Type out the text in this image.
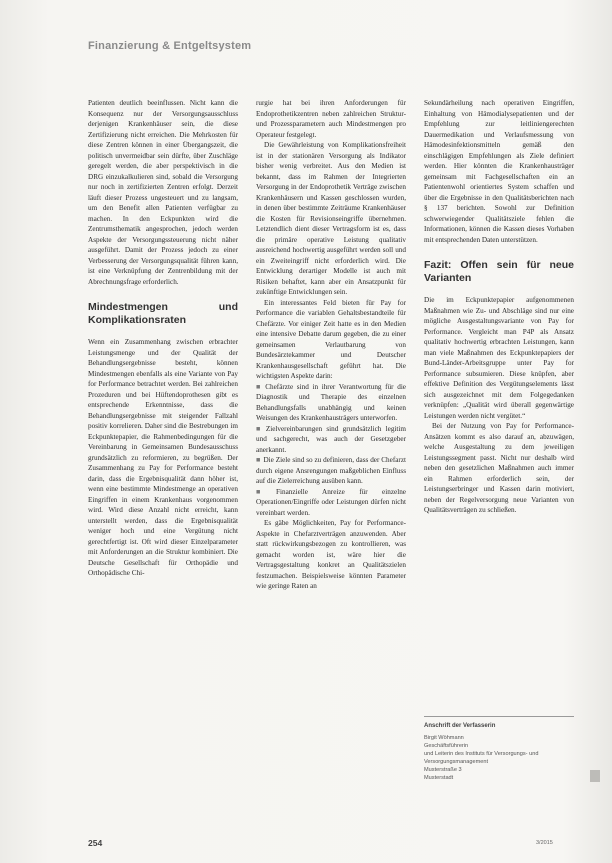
Finanzierung & Entgeltsystem

Patienten deutlich beeinflussen. Nicht kann die Konsequenz nur der Versorgungsausschluss derjenigen Krankenhäuser sein, die diese Zertifizierung nicht erreichen. Die Mehrkosten für diese Zentren können in einer Übergangszeit, die politisch unvermeidbar sein dürfte, über Zuschläge geregelt werden, die aber perspektivisch in die DRG einzukalkulieren sind, sobald die Versorgung nur noch in zertifizierten Zentren erfolgt. Derzeit läuft dieser Prozess ungesteuert und zu langsam, um den Benefit allen Patienten verfügbar zu machen. In den Eckpunkten wird die Zentrumsthematik angesprochen, jedoch werden Aspekte der Versorgungssteuerung nicht näher ausgeführt. Damit der Prozess jedoch zu einer Verbesserung der Versorgungsqualität führen kann, ist eine Verknüpfung der Zentrenbildung mit der Abrechnungsfrage erforderlich.

Mindestmengen und Komplikationsraten

Wenn ein Zusammenhang zwischen erbrachter Leistungsmenge und der Qualität der Behandlungsergebnisse besteht, können Mindestmengen ebenfalls als eine Variante von Pay for Performance betrachtet werden. Bei zahlreichen Prozeduren und bei Hüftendoprothesen gibt es entsprechende Erkenntnisse, dass die Behandlungsergebnisse mit steigender Fallzahl positiv korrelieren. Daher sind die Bestrebungen im Eckpunktepapier, die Rahmenbedingungen für die Vereinbarung in Gemeinsamen Bundesausschuss grundsätzlich zu reformieren, zu begrüßen. Der Zusammenhang zu Pay for Performance besteht darin, dass die Ergebnisqualität dann höher ist, wenn eine bestimmte Mindestmenge an operativen Eingriffen in einem Krankenhaus vorgenommen wird. Wird diese Anzahl nicht erreicht, kann unterstellt werden, dass die Ergebnisqualität weniger hoch und eine Vergütung nicht gerechtfertigt ist. Oft wird dieser Einzelparameter mit Anforderungen an die Struktur kombiniert. Die Deutsche Gesellschaft für Orthopädie und Orthopädische Chi-

rurgie hat bei ihren Anforderungen für Endoprothetikzentren neben zahlreichen Struktur- und Prozessparametern auch Mindestmengen pro Operateur festgelegt.

Die Gewährleistung von Komplikationsfreiheit ist in der stationären Versorgung als Indikator bisher wenig verbreitet. Aus den Medien ist bekannt, dass im Rahmen der Integrierten Versorgung in der Endoprothetik Verträge zwischen Krankenhäusern und Kassen geschlossen wurden, in denen über bestimmte Zeiträume Krankenhäuser die Kosten für Revisionseingriffe übernehmen. Letztendlich dient dieser Vertragsform ist es, dass die primäre operative Leistung qualitativ ausreichend hochwertig ausgeführt werden soll und ein Zweiteingriff nicht erforderlich wird. Die Entwicklung derartiger Modelle ist auch mit Risiken behaftet, kann aber ein Ansatzpunkt für zukünftige Entwicklungen sein.

Ein interessantes Feld bieten für Pay for Performance die variablen Gehaltsbestandteile für Chefärzte. Vor einiger Zeit hatte es in den Medien eine intensive Debatte darum gegeben, die zu einer gemeinsamen Verlautbarung von Bundesärztekammer und Deutscher Krankenhausgesellschaft geführt hat. Die wichtigsten Aspekte darin:

■ Chefärzte sind in ihrer Verantwortung für die Diagnostik und Therapie des einzelnen Behandlungsfalls unabhängig und keinen Weisungen des Krankenhausträgers unterworfen.

■ Zielvereinbarungen sind grundsätzlich legitim und sachgerecht, was auch der Gesetzgeber anerkannt.

■ Die Ziele sind so zu definieren, dass der Chefarzt durch eigene Ansrengungen maßgeblichen Einfluss auf die Zielerreichung ausüben kann.

■ Finanzielle Anreize für einzelne Operationen/Eingriffe oder Leistungen dürfen nicht vereinbart werden.

Es gäbe Möglichkeiten, Pay for Performance-Aspekte in Chefarztverträgen anzuwenden. Aber statt rückwirkungsbezogen zu kontrollieren, was gemacht worden ist, wäre hier die Vertragsgestaltung konkret an Qualitätszielen festzumachen. Beispielsweise könnten Parameter wie geringe Raten an

Sekundärheilung nach operativen Eingriffen, Einhaltung von Hämodialysepatienten und der Empfehlung zur leitliniengerechten Dauermedikation und Verlaufsmessung von Hämodesinfektionsmitteln gemäß den einschlägigen Empfehlungen als Ziele definiert werden. Hier könnten die Krankenhausträger gemeinsam mit Fachgesellschaften ein an Patientenwohl orientiertes System schaffen und über die Ergebnisse in den Qualitätsberichten nach § 137 berichten. Sowohl zur Definition schwerwiegender Qualitätsziele fehlen die Informationen, können die Kassen dieses Vorhaben mit entsprechenden Daten unterstützen.

Fazit: Offen sein für neue Varianten

Die im Eckpunktepapier aufgenommenen Maßnahmen wie Zu- und Abschläge sind nur eine mögliche Ausgestaltungsvariante von Pay for Performance. Vergleicht man P4P als Ansatz qualitativ hochwertig erbrachten Leistungen, kann man viele Maßnahmen des Eckpunktepapiers der Bund-Länder-Arbeitsgruppe unter Pay for Performance subsumieren. Diese knüpfen, aber effektive Definition des Vergütungselements lässt sich ausgezeichnet mit dem Folgegedanken verknüpfen: „Qualität wird überall gegenwärtige Leistungen werden nicht vergütet.“

Bei der Nutzung von Pay for Performance-Ansätzen kommt es also darauf an, abzuwägen, welche Ausgestaltung zu dem jeweiligen Leistungssegment passt. Nicht nur deshalb wird neben den gesetzlichen Maßnahmen auch immer ein Rahmen erforderlich sein, der Leistungserbringer und Kassen darin motiviert, neben der Regelversorgung neue Varianten von Qualitätsverträgen zu schließen.

Anschrift der Verfasserin
Birgit Wöhmann
Geschäftsführerin
und Leiterin des Instituts für Versorgungs- und
Versorgungsmanagement
Musterstraße 3
Musterstadt
254	3/2015
